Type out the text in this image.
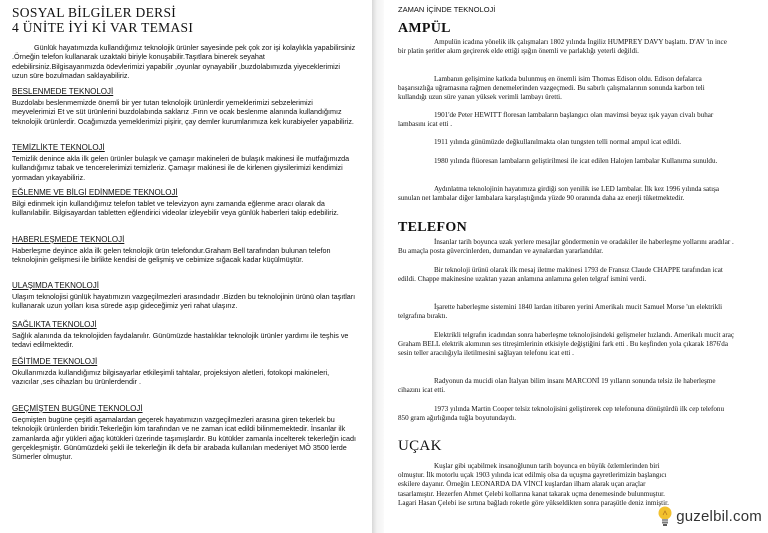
SOSYAL BİLGİLER DERSİ
4 ÜNİTE İYİ Kİ VAR TEMASI

Günlük hayatımızda kullandığımız teknolojik ürünler sayesinde pek çok zor işi kolaylıkla yapabilirsiniz .Örneğin telefon kullanarak uzaktaki biriyle konuşabilir.Taşıtlara binerek seyahat edebilirsiniz.Bilgisayarımızda ödevlerimizi yapabilir ,oyunlar oynayabilir ,buzdolabımızda yiyeceklerimizi uzun süre bozulmadan saklayabiliriz.

BESLENMEDE TEKNOLOJİ

Buzdolabı beslenmemizde önemli bir yer tutan teknolojik ürünlerdir yemeklerimizi sebzelerimizi meyvelerimizi Et ve süt ürünlerini buzdolabında saklarız .Fırın ve ocak beslenme alanında kullandığımız teknolojik ürünlerdir. Ocağımızda yemeklerimizi pişirir, çay demler kurumlarımıza kek kurabiyeler yapabiliriz.

TEMİZLİKTE TEKNOLOJİ

Temizlik denince akla ilk gelen ürünler bulaşık ve çamaşır makineleri de bulaşık makinesi ile mutfağımızda kullandığımız tabak ve tencerelerimizi temizleriz. Çamaşır makinesi ile de kirlenen giysilerimizi kendimizi yormadan yıkayabiliriz.

EĞLENME VE BİLGİ EDİNMEDE TEKNOLOJİ

Bilgi edinmek için kullandığımız telefon tablet ve televizyon aynı zamanda eğlenme aracı olarak da kullanılabilir. Bilgisayardan tabletten eğlendirici videolar izleyebilir veya günlük haberleri takip edebiliriz.

HABERLEŞMEDE TEKNOLOJİ

Haberleşme deyince akla ilk gelen teknolojik ürün telefondur.Graham Bell tarafından bulunan telefon teknolojinin gelişmesi ile birlikte kendisi de gelişmiş ve cebimize sığacak kadar küçülmüştür.

ULAŞIMDA TEKNOLOJİ

Ulaşım teknolojisi günlük hayatımızın vazgeçilmezleri arasındadır .Bizden bu teknolojinin ürünü olan taşıtları kullanarak uzun yolları kısa sürede aşıp gideceğimiz yeri rahat ulaşırız.

SAĞLIKTA TEKNOLOJİ

Sağlık alanında da teknolojiden faydalanılır. Günümüzde hastalıklar teknolojik ürünler yardımı ile teşhis ve tedavi edilmektedir.

EĞİTİMDE TEKNOLOJİ

Okullarımızda kullandığımız bilgisayarlar etkileşimli tahtalar, projeksiyon aletleri, fotokopi makineleri, vazıcılar ,ses cihazları bu ürünlerdendir .

GEÇMİŞTEN BUGÜNE TEKNOLOJİ

Geçmişten bugüne çeşitli aşamalardan geçerek hayatımızın vazgeçilmezleri arasına giren tekerlek bu teknolojik ürünlerden biridir.Tekerleğin kim tarafından ve ne zaman icat edildi bilinmemektedir. İnsanlar ilk zamanlarda ağır yükleri ağaç kütükleri üzerinde taşımışlardır. Bu kütükler zamanla incelterek tekerleğin icadı gerçekleşmiştir. Günümüzdeki şekli ile tekerleğin ilk defa bir arabada kullanılan medeniyet MÖ 3500 lerde Sümerler olmuştur.

ZAMAN İÇİNDE TEKNOLOJİ
AMPÜL

Ampulün icadına yönelik ilk çalışmaları 1802 yılında İngiliz HUMPREY DAVY başlattı. D'AV 'in ince bir platin şeritler akım geçirerek elde ettiği ışığın önemli ve parlaklığı yeterli değildi.

Lambanın gelişimine katkıda bulunmuş en önemli isim Thomas Edison oldu. Edison defalarca başarısızlığa uğramasına rağmen denemelerinden vazgeçmedi. Bu sabırlı çalışmalarının sonunda karbon teli kullandığı uzun süre yanan yüksek verimli lambayı üretti.

1901'de Peter HEWITT floresan lambaların başlangıcı olan mavimsi beyaz ışık yayan civalı buhar lambasını icat etti .

1911 yılında günümüzde değkullanılmakta olan tungsten telli normal ampul icat edildi.

1980 yılında flüoresan lambaların geliştirilmesi ile icat edilen Halojen lambalar Kullanıma sunuldu.

Aydınlatma teknolojinin hayatımıza girdiği son yenilik ise LED lambalar. İlk kez 1996 yılında satışa sunulan net lambalar diğer lambalara karşılaştığında yüzde 90 oranında daha az enerji tüketmektedir.

TELEFON

İnsanlar tarih boyunca uzak yerlere mesajlar göndermenin ve oradakiler ile haberleşme yollarını aradılar . Bu amaçla posta güvercinlerden, dumandan ve aynalardan yararlandılar.

Bir teknoloji ürünü olarak ilk mesaj iletme makinesi 1793 de Fransız Claude CHAPPE tarafından icat edildi. Chappe makinesine uzaktan yazan anlamına anlamına gelen telgraf ismini verdi.

İşarette haberleşme sistemini 1840 lardan itibaren yerini Amerikalı mucit Samuel Morse 'un elektrikli telgrafına bıraktı.

Elektrikli telgrafın icadından sonra haberleşme teknolojisindeki gelişmeler hızlandı. Amerikalı mucit araç Graham BELL elektrik akımının ses titreşimlerinin etkisiyle değiştiğini fark etti . Bu keşfinden yola çıkarak 1876'da sesin teller aracılığıyla iletilmesini sağlayan telefonu icat etti .

Radyonun da mucidi olan İtalyan bilim insanı MARCONİ 19 yılların sonunda telsiz ile haberleşme cihazını icat etti.

1973 yılında Martin Cooper telsiz teknolojisini geliştirerek cep telefonuna dönüştürdü ilk cep telefonu 850 gram ağırlığında tuğla boyutundaydı.

UÇAK

Kuşlar gibi uçabilmek insanoğlunun tarih boyunca en büyük özlemlerinden biri olmuştur. İlk motorlu uçak 1903 yılında icat edilmiş olsa da uçuşma gayretlerimizin başlangıcı eskilere dayanır. Örneğin LEONARDA DA VİNCİ kuşlardan ilham alarak uçan araçlar tasarlamıştır. Hezerfen Ahmet Çelebi kollarına kanat takarak uçma denemesinde bulunmuştur. Lagari Hasan Çelebi ise sırtına bağladı roketle göre yükseldikten sonra paraşütle deniz inmiştir.

guzelbil.com
